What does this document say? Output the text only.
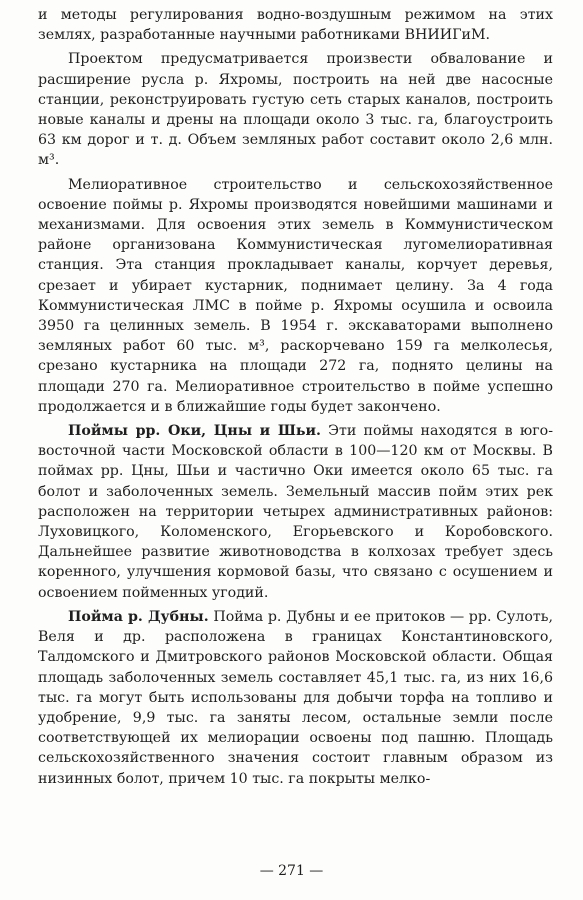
и методы регулирования водно-воздушным режимом на этих землях, разработанные научными работниками ВНИИГиМ.

Проектом предусматривается произвести обвалование и расширение русла р. Яхромы, построить на ней две насосные станции, реконструировать густую сеть старых каналов, построить новые каналы и дрены на площади около 3 тыс. га, благоустроить 63 км дорог и т. д. Объем земляных работ составит около 2,6 млн. м³.

Мелиоративное строительство и сельскохозяйственное освоение поймы р. Яхромы производятся новейшими машинами и механизмами. Для освоения этих земель в Коммунистическом районе организована Коммунистическая лугомелиоративная станция. Эта станция прокладывает каналы, корчует деревья, срезает и убирает кустарник, поднимает целину. За 4 года Коммунистическая ЛМС в пойме р. Яхромы осушила и освоила 3950 га целинных земель. В 1954 г. экскаваторами выполнено земляных работ 60 тыс. м³, раскорчевано 159 га мелколесья, срезано кустарника на площади 272 га, поднято целины на площади 270 га. Мелиоративное строительство в пойме успешно продолжается и в ближайшие годы будет закончено.

Поймы рр. Оки, Цны и Шьи. Эти поймы находятся в юго-восточной части Московской области в 100—120 км от Москвы. В поймах рр. Цны, Шьи и частично Оки имеется около 65 тыс. га болот и заболоченных земель. Земельный массив пойм этих рек расположен на территории четырех административных районов: Луховицкого, Коломенского, Егорьевского и Коробовского. Дальнейшее развитие животноводства в колхозах требует здесь коренного, улучшения кормовой базы, что связано с осушением и освоением пойменных угодий.

Пойма р. Дубны. Пойма р. Дубны и ее притоков — рр. Сулоть, Веля и др. расположена в границах Константиновского, Талдомского и Дмитровского районов Московской области. Общая площадь заболоченных земель составляет 45,1 тыс. га, из них 16,6 тыс. га могут быть использованы для добычи торфа на топливо и удобрение, 9,9 тыс. га заняты лесом, остальные земли после соответствующей их мелиорации освоены под пашню. Площадь сельскохозяйственного значения состоит главным образом из низинных болот, причем 10 тыс. га покрыты мелко-

— 271 —
